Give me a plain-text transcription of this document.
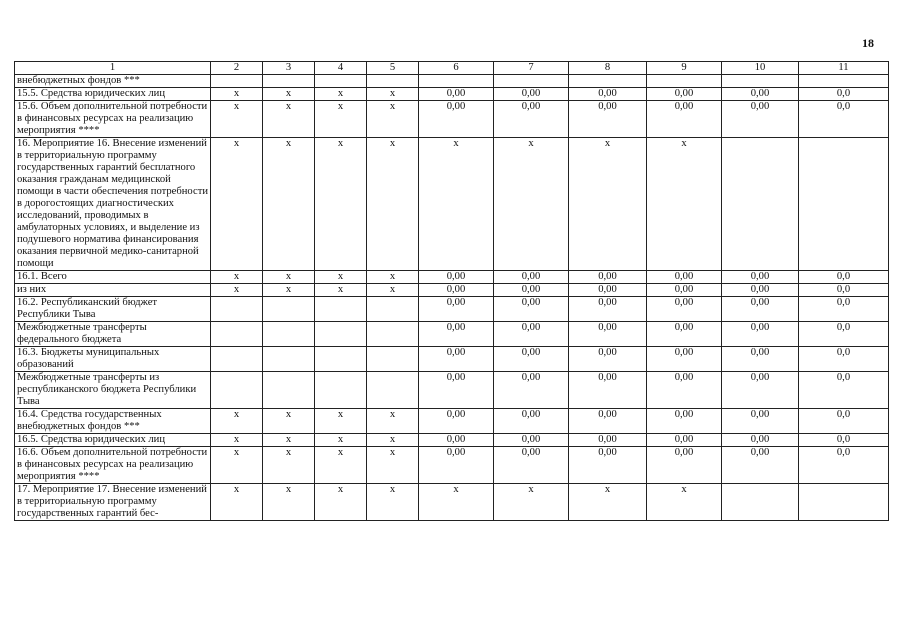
18
1	2	3	4	5	6	7	8	9	10	11
внебюджетных фондов ***										
15.5. Средства юридических лиц	x	x	x	x	0,00	0,00	0,00	0,00	0,00	0,0
15.6. Объем дополнительной потребности в финансовых ресурсах на реализацию мероприятия ****	x	x	x	x	0,00	0,00	0,00	0,00	0,00	0,0
16. Мероприятие 16. Внесение изменений в территориальную программу государственных гарантий бесплатного оказания гражданам медицинской помощи в части обеспечения потребности в дорогостоящих диагностических исследований, проводимых в амбулаторных условиях, и выделение из подушевого норматива финансирования оказания первичной медико-санитарной помощи	x	x	x	x	x	x	x	x		
16.1. Всего	x	x	x	x	0,00	0,00	0,00	0,00	0,00	0,0
из них	x	x	x	x	0,00	0,00	0,00	0,00	0,00	0,0
16.2. Республиканский бюджет Республики Тыва					0,00	0,00	0,00	0,00	0,00	0,0
Межбюджетные трансферты федерального бюджета					0,00	0,00	0,00	0,00	0,00	0,0
16.3. Бюджеты муниципальных образований					0,00	0,00	0,00	0,00	0,00	0,0
Межбюджетные трансферты из республиканского бюджета Республики Тыва					0,00	0,00	0,00	0,00	0,00	0,0
16.4. Средства государственных внебюджетных фондов ***	x	x	x	x	0,00	0,00	0,00	0,00	0,00	0,0
16.5. Средства юридических лиц	x	x	x	x	0,00	0,00	0,00	0,00	0,00	0,0
16.6. Объем дополнительной потребности в финансовых ресурсах на реализацию мероприятия ****	x	x	x	x	0,00	0,00	0,00	0,00	0,00	0,0
17. Мероприятие 17. Внесение изменений в территориальную программу государственных гарантий бес-	x	x	x	x	x	x	x	x		
